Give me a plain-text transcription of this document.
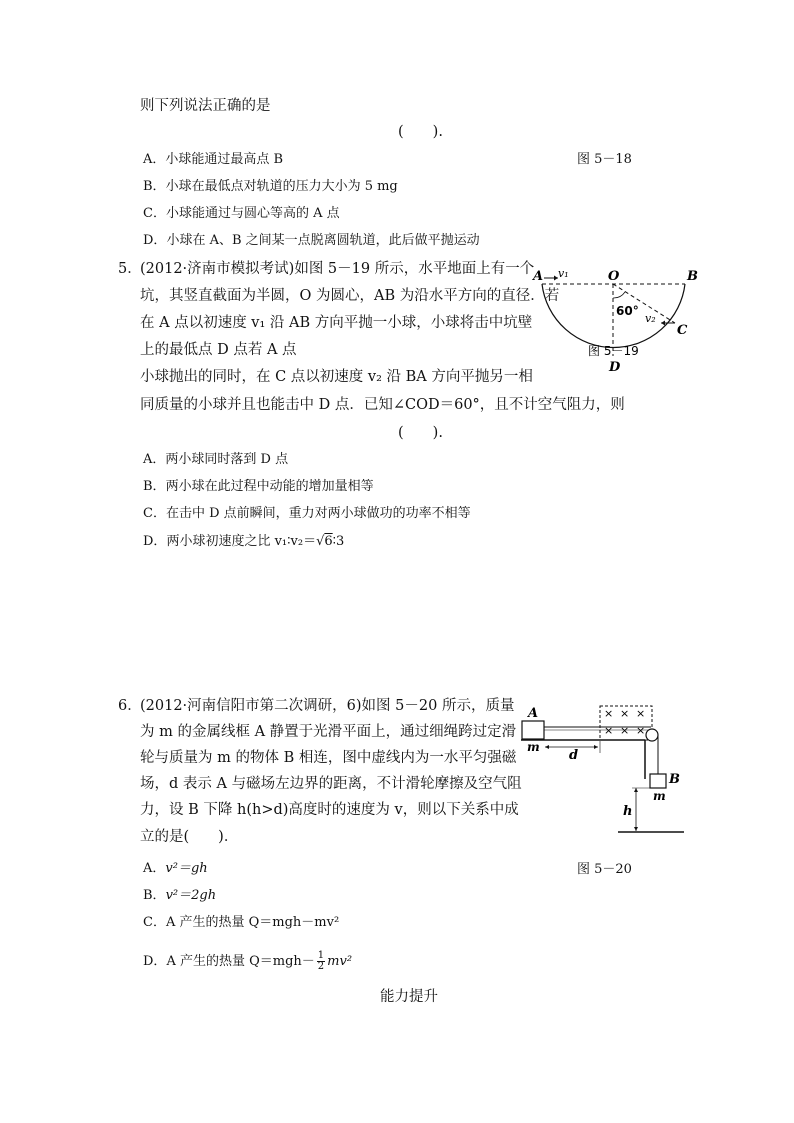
则下列说法正确的是
(　　).
图 5－18
A．小球能通过最高点 B
B．小球在最低点对轨道的压力大小为 5 mg
C．小球能通过与圆心等高的 A 点
D．小球在 A、B 之间某一点脱离圆轨道，此后做平抛运动
5．
(2012·济南市模拟考试)如图 5－19 所示，水平地面上有一个
坑，其竖直截面为半圆，O 为圆心，AB 为沿水平方向的直径．若
在 A 点以初速度 v₁ 沿 AB 方向平抛一小球，小球将击中坑壁
上的最低点 D 点若 A 点
小球抛出的同时，在 C 点以初速度 v₂ 沿 BA 方向平抛另一相
同质量的小球并且也能击中 D 点．已知∠COD＝60°，且不计空气阻力，则
(　　).
A	B
O
C
D
v₁
v₂
60°
图 5－19
A．两小球同时落到 D 点
B．两小球在此过程中动能的增加量相等
C．在击中 D 点前瞬间，重力对两小球做功的功率不相等
D．两小球初速度之比 v₁∶v₂＝√6∶3
6．
(2012·河南信阳市第二次调研，6)如图 5－20 所示，质量
为 m 的金属线框 A 静置于光滑平面上，通过细绳跨过定滑
轮与质量为 m 的物体 B 相连，图中虚线内为一水平匀强磁
场，d 表示 A 与磁场左边界的距离，不计滑轮摩擦及空气阻
力，设 B 下降 h(h>d)高度时的速度为 v，则以下关系中成
立的是(　　)．
× × ×
× × ×
A
m
d
B
m
h
图 5－20
A．v²＝gh
B．v²＝2gh
C．A 产生的热量 Q＝mgh－mv²
D．A 产生的热量 $Q=mgh- \frac{1}{2} mv^2$
能力提升
